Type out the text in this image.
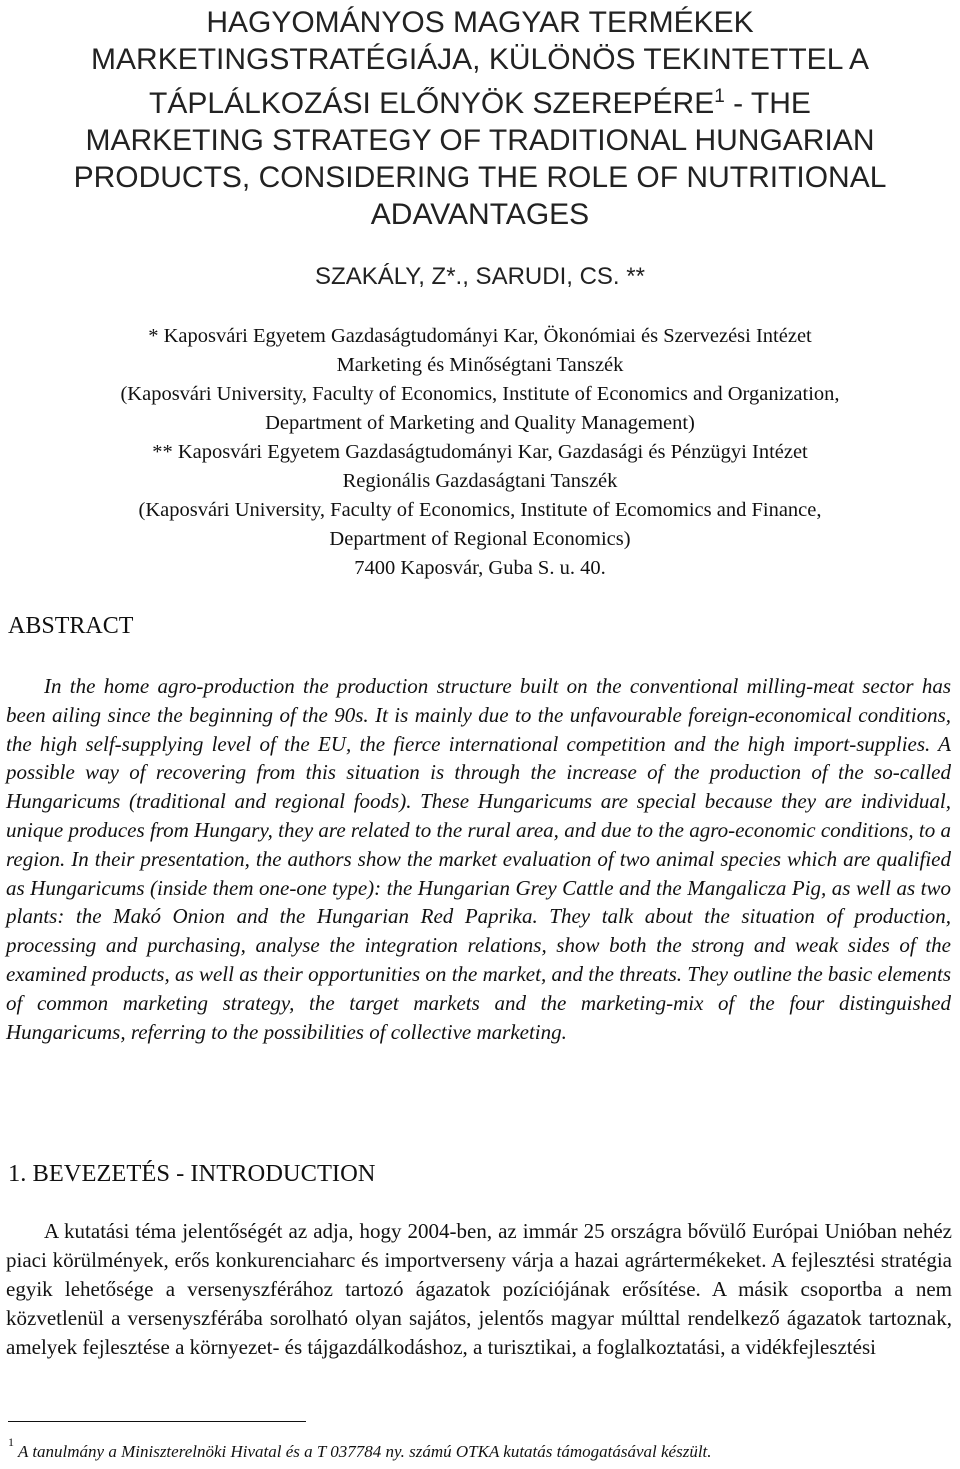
HAGYOMÁNYOS MAGYAR TERMÉKEK
MARKETINGSTRATÉGIÁJA, KÜLÖNÖS TEKINTETTEL A
TÁPLÁLKOZÁSI ELŐNYÖK SZEREPÉRE$^1$ - THE
MARKETING STRATEGY OF TRADITIONAL HUNGARIAN
PRODUCTS, CONSIDERING THE ROLE OF NUTRITIONAL
ADAVANTAGES
SZAKÁLY, Z*., SARUDI, CS. **
* Kaposvári Egyetem Gazdaságtudományi Kar, Ökonómiai és Szervezési Intézet
Marketing és Minőségtani Tanszék
(Kaposvári University, Faculty of Economics, Institute of Economics and Organization,
Department of Marketing and Quality Management)
** Kaposvári Egyetem Gazdaságtudományi Kar, Gazdasági és Pénzügyi Intézet
Regionális Gazdaságtani Tanszék
(Kaposvári University, Faculty of Economics, Institute of Ecomomics and Finance,
Department of Regional Economics)
7400 Kaposvár, Guba S. u. 40.
ABSTRACT
In the home agro-production the production structure built on the conventional milling-meat sector has been ailing since the beginning of the 90s. It is mainly due to the unfavourable foreign-economical conditions, the high self-supplying level of the EU, the fierce international competition and the high import-supplies. A possible way of recovering from this situation is through the increase of the production of the so-called Hungaricums (traditional and regional foods). These Hungaricums are special because they are individual, unique produces from Hungary, they are related to the rural area, and due to the agro-economic conditions, to a region. In their presentation, the authors show the market evaluation of two animal species which are qualified as Hungaricums (inside them one-one type): the Hungarian Grey Cattle and the Mangalicza Pig, as well as two plants: the Makó Onion and the Hungarian Red Paprika. They talk about the situation of production, processing and purchasing, analyse the integration relations, show both the strong and weak sides of the examined products, as well as their opportunities on the market, and the threats. They outline the basic elements of common marketing strategy, the target markets and the marketing-mix of the four distinguished Hungaricums, referring to the possibilities of collective marketing.
1. BEVEZETÉS - INTRODUCTION
A kutatási téma jelentőségét az adja, hogy 2004-ben, az immár 25 országra bővülő Európai Unióban nehéz piaci körülmények, erős konkurenciaharc és importverseny várja a hazai agrártermékeket. A fejlesztési stratégia egyik lehetősége a versenyszférához tartozó ágazatok pozíciójának erősítése. A másik csoportba a nem közvetlenül a versenyszférába sorolható olyan sajátos, jelentős magyar múlttal rendelkező ágazatok tartoznak, amelyek fejlesztése a környezet- és tájgazdálkodáshoz, a turisztikai, a foglalkoztatási, a vidékfejlesztési
$^1$ A tanulmány a Miniszterelnöki Hivatal és a T 037784 ny. számú OTKA kutatás támogatásával készült.
